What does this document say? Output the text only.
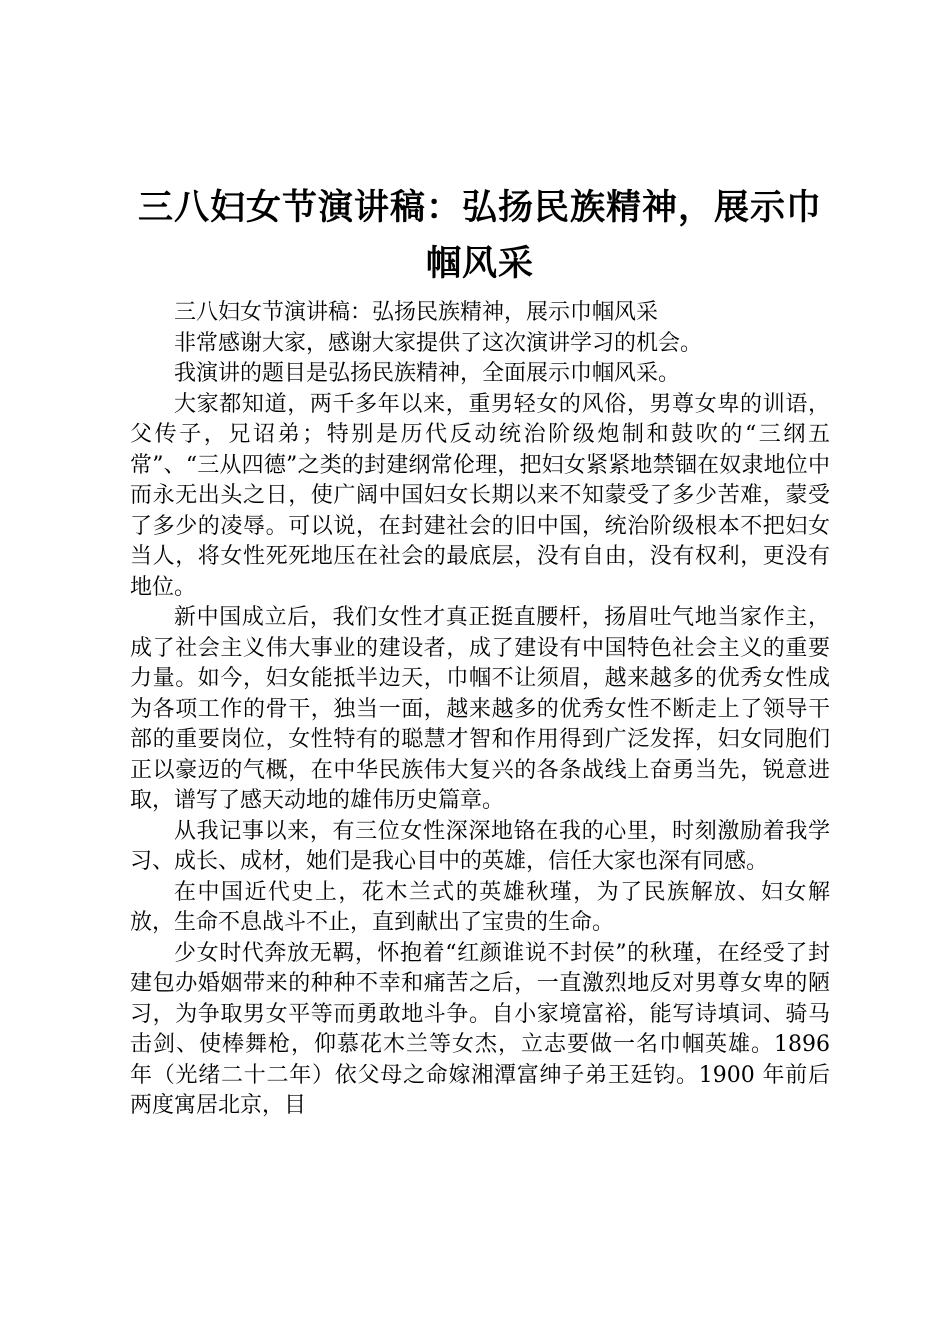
三八妇女节演讲稿：弘扬民族精神，展示巾帼风采

三八妇女节演讲稿：弘扬民族精神，展示巾帼风采

非常感谢大家，感谢大家提供了这次演讲学习的机会。

我演讲的题目是弘扬民族精神，全面展示巾帼风采。

大家都知道，两千多年以来，重男轻女的风俗，男尊女卑的训语，父传子，兄诏弟；特别是历代反动统治阶级炮制和鼓吹的“三纲五常”、“三从四德”之类的封建纲常伦理，把妇女紧紧地禁锢在奴隶地位中而永无出头之日，使广阔中国妇女长期以来不知蒙受了多少苦难，蒙受了多少的凌辱。可以说，在封建社会的旧中国，统治阶级根本不把妇女当人，将女性死死地压在社会的最底层，没有自由，没有权利，更没有地位。

新中国成立后，我们女性才真正挺直腰杆，扬眉吐气地当家作主，成了社会主义伟大事业的建设者，成了建设有中国特色社会主义的重要力量。如今，妇女能抵半边天，巾帼不让须眉，越来越多的优秀女性成为各项工作的骨干，独当一面，越来越多的优秀女性不断走上了领导干部的重要岗位，女性特有的聪慧才智和作用得到广泛发挥，妇女同胞们正以豪迈的气概，在中华民族伟大复兴的各条战线上奋勇当先，锐意进取，谱写了感天动地的雄伟历史篇章。

从我记事以来，有三位女性深深地铬在我的心里，时刻激励着我学习、成长、成材，她们是我心目中的英雄，信任大家也深有同感。

在中国近代史上，花木兰式的英雄秋瑾，为了民族解放、妇女解放，生命不息战斗不止，直到献出了宝贵的生命。

少女时代奔放无羁，怀抱着“红颜谁说不封侯”的秋瑾，在经受了封建包办婚姻带来的种种不幸和痛苦之后，一直激烈地反对男尊女卑的陋习，为争取男女平等而勇敢地斗争。自小家境富裕，能写诗填词、骑马击剑、使棒舞枪，仰慕花木兰等女杰，立志要做一名巾帼英雄。1896 年（光绪二十二年）依父母之命嫁湘潭富绅子弟王廷钧。1900 年前后两度寓居北京，目
